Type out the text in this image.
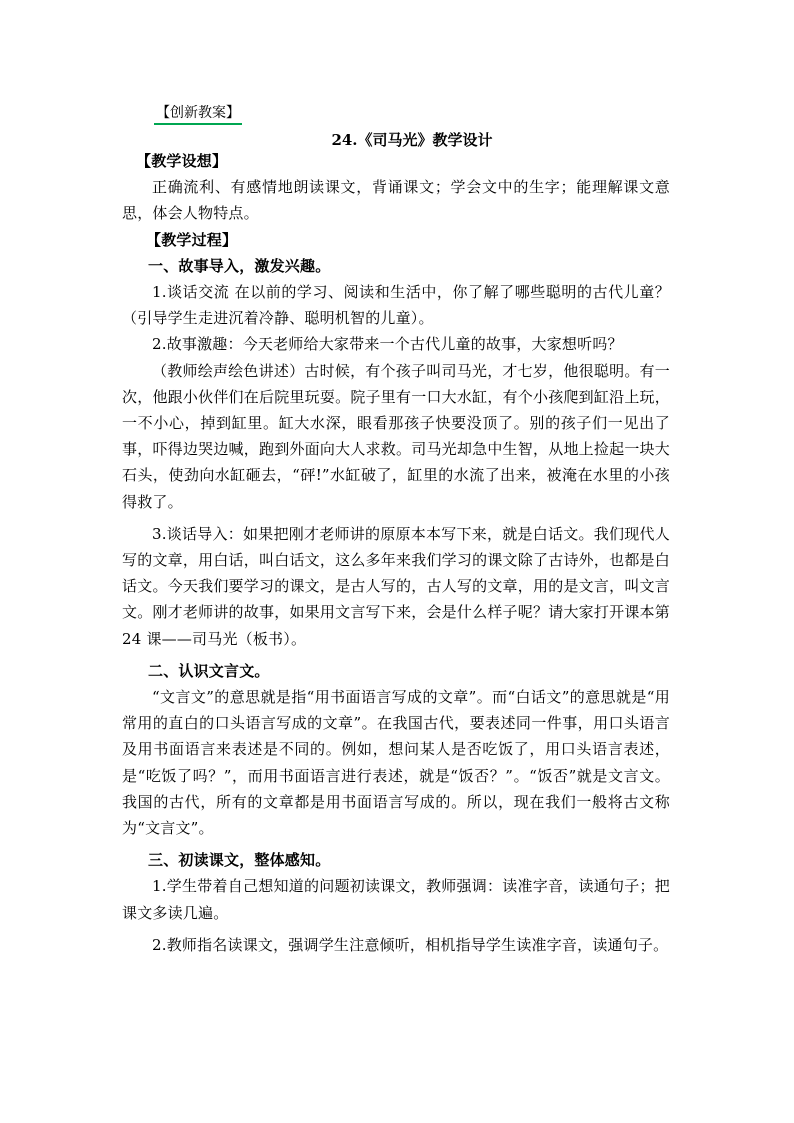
【创新教案】
24.《司马光》教学设计

【教学设想】

正确流利、有感情地朗读课文，背诵课文；学会文中的生字；能理解课文意思，体会人物特点。

【教学过程】

一、故事导入，激发兴趣。

1.谈话交流 在以前的学习、阅读和生活中，你了解了哪些聪明的古代儿童？（引导学生走进沉着冷静、聪明机智的儿童）。

2.故事激趣：今天老师给大家带来一个古代儿童的故事，大家想听吗？

（教师绘声绘色讲述）古时候，有个孩子叫司马光，才七岁，他很聪明。有一次，他跟小伙伴们在后院里玩耍。院子里有一口大水缸，有个小孩爬到缸沿上玩，一不小心，掉到缸里。缸大水深，眼看那孩子快要没顶了。别的孩子们一见出了事，吓得边哭边喊，跑到外面向大人求救。司马光却急中生智，从地上捡起一块大石头，使劲向水缸砸去，“砰!”水缸破了，缸里的水流了出来，被淹在水里的小孩得救了。

3.谈话导入：如果把刚才老师讲的原原本本写下来，就是白话文。我们现代人写的文章，用白话，叫白话文，这么多年来我们学习的课文除了古诗外，也都是白话文。今天我们要学习的课文，是古人写的，古人写的文章，用的是文言，叫文言文。刚才老师讲的故事，如果用文言写下来，会是什么样子呢？请大家打开课本第 24 课——司马光（板书）。

二、认识文言文。

“文言文”的意思就是指“用书面语言写成的文章”。而“白话文”的意思就是“用常用的直白的口头语言写成的文章”。在我国古代，要表述同一件事，用口头语言及用书面语言来表述是不同的。例如，想问某人是否吃饭了，用口头语言表述，是“吃饭了吗？”，而用书面语言进行表述，就是“饭否？”。“饭否”就是文言文。我国的古代，所有的文章都是用书面语言写成的。所以，现在我们一般将古文称为“文言文”。

三、初读课文，整体感知。

1.学生带着自己想知道的问题初读课文，教师强调：读准字音，读通句子；把课文多读几遍。

2.教师指名读课文，强调学生注意倾听，相机指导学生读准字音，读通句子。
